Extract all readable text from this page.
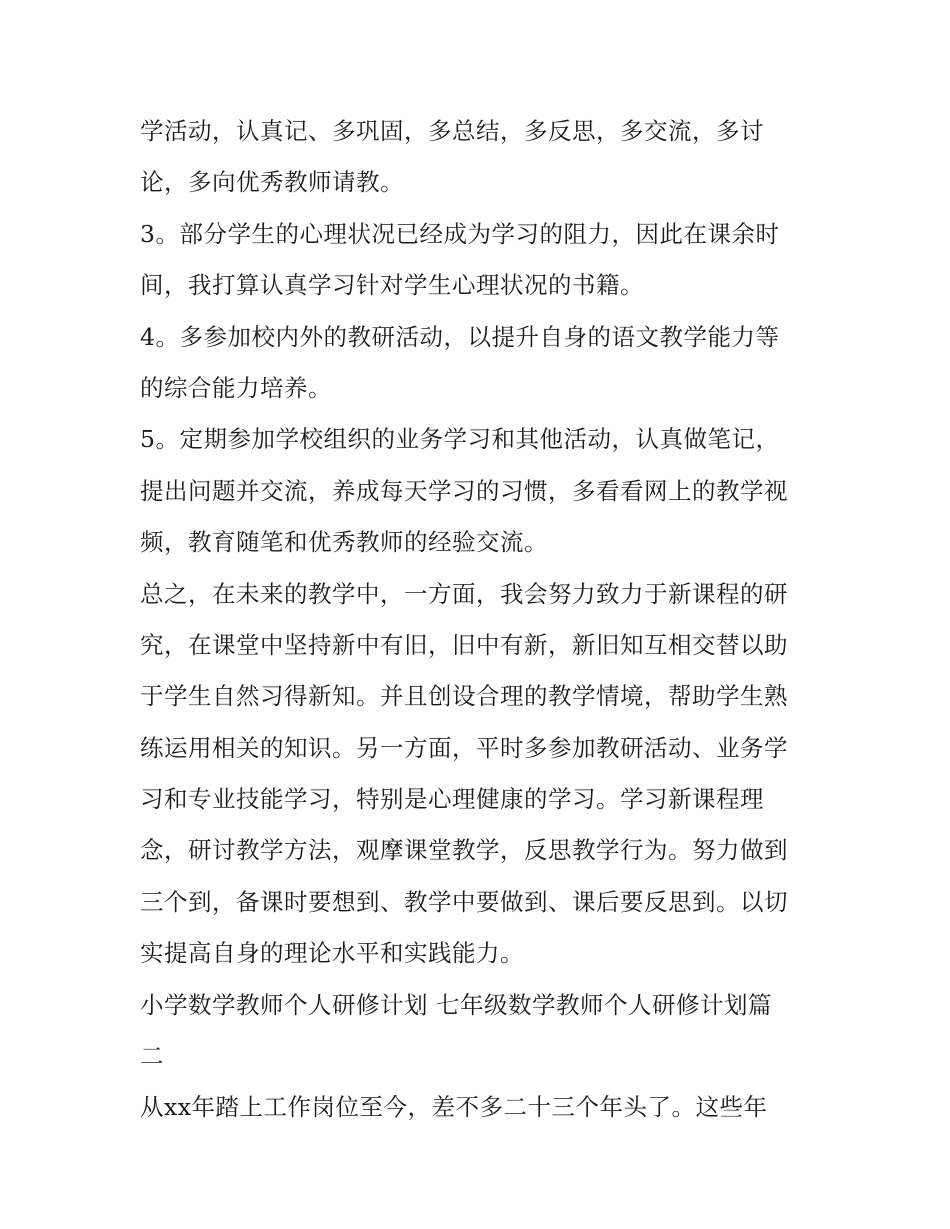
学活动，认真记、多巩固，多总结，多反思，多交流，多讨
论，多向优秀教师请教。
3。部分学生的心理状况已经成为学习的阻力，因此在课余时
间，我打算认真学习针对学生心理状况的书籍。
4。多参加校内外的教研活动，以提升自身的语文教学能力等
的综合能力培养。
5。定期参加学校组织的业务学习和其他活动，认真做笔记，
提出问题并交流，养成每天学习的习惯，多看看网上的教学视
频，教育随笔和优秀教师的经验交流。
总之，在未来的教学中，一方面，我会努力致力于新课程的研
究，在课堂中坚持新中有旧，旧中有新，新旧知互相交替以助
于学生自然习得新知。并且创设合理的教学情境，帮助学生熟
练运用相关的知识。另一方面，平时多参加教研活动、业务学
习和专业技能学习，特别是心理健康的学习。学习新课程理
念，研讨教学方法，观摩课堂教学，反思教学行为。努力做到
三个到，备课时要想到、教学中要做到、课后要反思到。以切
实提高自身的理论水平和实践能力。
小学数学教师个人研修计划 七年级数学教师个人研修计划篇
二
从xx年踏上工作岗位至今，差不多二十三个年头了。这些年
